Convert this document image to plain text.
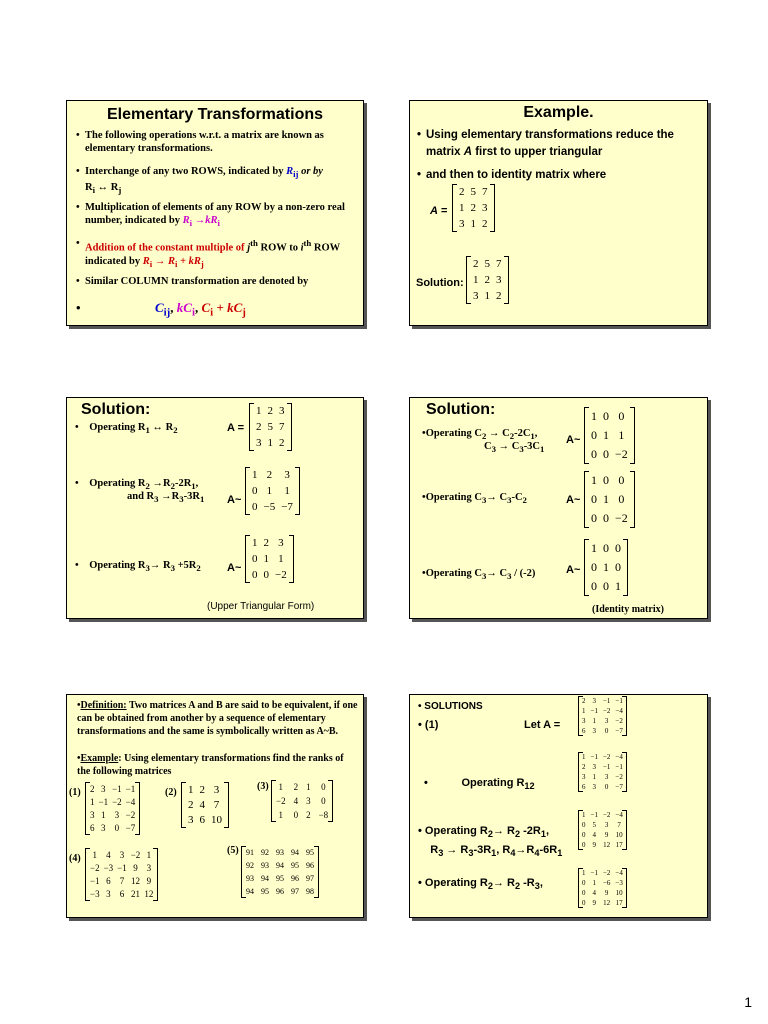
Elementary Transformations
• The following operations w.r.t. a matrix are known as elementary transformations.
• Interchange of any two ROWS, indicated by $R_{ij}$ or by
$R_i$ ↔ $R_j$
• Multiplication of elements of any ROW by a non-zero real number, indicated by $R_i \to kR_i$
• Addition of the constant multiple of $j^{th}$ ROW to $i^{th}$ ROW indicated by $R_i \to R_i + kR_j$
• Similar COLUMN transformation are denoted by
•	$C_{ij}$, $kC_i$, $C_i + kC_j$
Example.
• Using elementary transformations reduce the matrix A first to upper triangular
• and then to identity matrix where
A =
2 5 7
1 2 3
3 1 2
Solution:
2 5 7
1 2 3
3 1 2
Solution:
•    Operating $R_1$ ↔ $R_2$	A =
1 2 3
2 5 7
3 1 2
•    Operating $R_2 \to R_2-2R_1$,
and $R_3 \to R_3-3R_1$ A~
1 2 3
0 1 1
0 −5 −7
•    Operating $R_3\to R_3 +5R_2$ A~
1 2 3
0 1 1
0 0 −2
(Upper Triangular Form)
Solution:
•Operating $C_2 \to C_2-2C_1$,
$C_3 \to C_3-3C_1$
A~
1 0 0
0 1 1
0 0 −2
•Operating $C_3\to C_3-C_2$	A~
1 0 0
0 1 0
0 0 −2
•Operating $C_3\to C_3 / (-2)$	A~
1 0 0
0 1 0
0 0 1
(Identity matrix)
•Definition: Two matrices A and B are said to be equivalent, if one can be obtained from another by a sequence of elementary transformations and the same is symbolically written as A~B.
•Example: Using elementary transformations find the ranks of the following matrices
(1) 2 3 −1 −1
1 −1 −2 −4
3 1 3 −2
6 3 0 −7
(2) 1 2 3
2 4 7
3 6 10
(3) 1 2 1 0
−2 4 3 0
1 0 2 −8
(4) 1 4 3 −2 1
−2 −3 −1 9 3
−1 6 7 12 9
−3 3 6 21 12
(5) 91 92 93 94 95
92 93 94 95 96
93 94 95 96 97
94 95 96 97 98
• SOLUTIONS
• (1)	Let A =
2 3 −1 −1
1 −1 −2 −4
3 1 3 −2
6 3 0 −7
•           Operating $R_{12}$
1 −1 −2 −4
2 3 −1 −1
3 1 3 −2
6 3 0 −7
• Operating $R_2\to R_2$ $-2R_1$,
$R_3 \to R_3-3R_1$, $R_4\to R_4-6R_1$
1 −1 −2 −4
0 5 3 7
0 4 9 10
0 9 12 17
• Operating $R_2\to R_2$ $-R_3$,
1 −1 −2 −4
0 1 −6 −3
0 4 9 10
0 9 12 17
1
